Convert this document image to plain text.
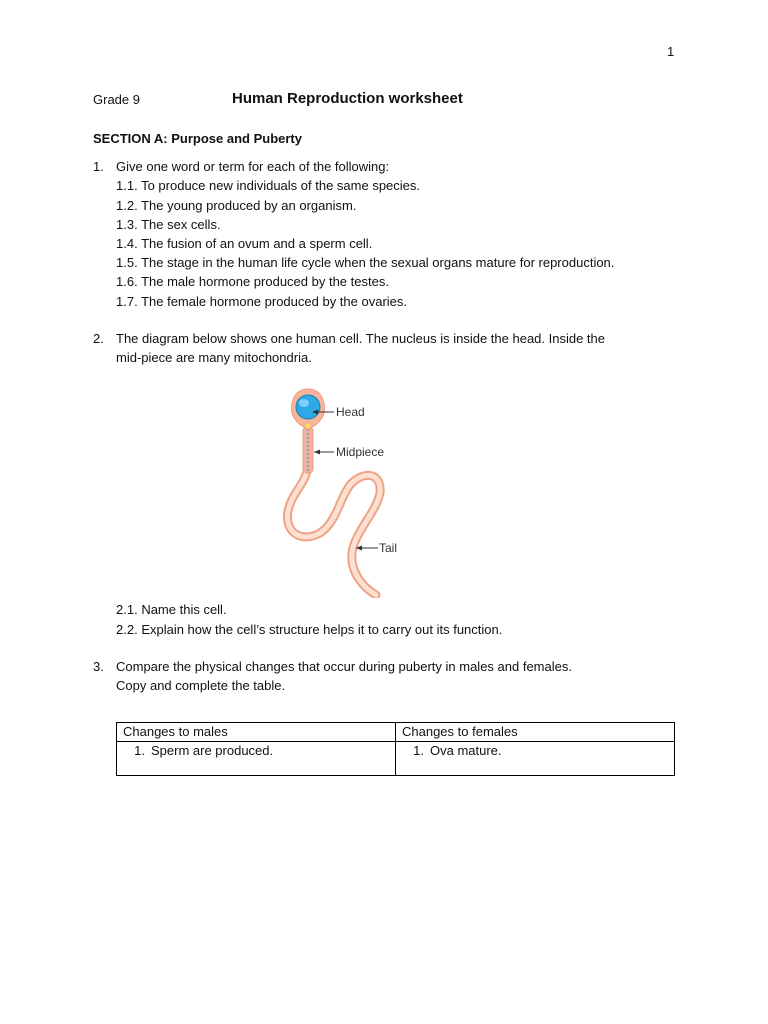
1
Grade 9	Human Reproduction worksheet
SECTION A: Purpose and Puberty
1. Give one word or term for each of the following:
1.1. To produce new individuals of the same species.
1.2. The young produced by an organism.
1.3. The sex cells.
1.4. The fusion of an ovum and a sperm cell.
1.5. The stage in the human life cycle when the sexual organs mature for reproduction.
1.6. The male hormone produced by the testes.
1.7. The female hormone produced by the ovaries.
2. The diagram below shows one human cell. The nucleus is inside the head. Inside the
mid-piece are many mitochondria.
Head
Midpiece
Tail
2.1. Name this cell.
2.2. Explain how the cell’s structure helps it to carry out its function.
3. Compare the physical changes that occur during puberty in males and females.
Copy and complete the table.
Changes to males	Changes to females
1. Sperm are produced.	1. Ova mature.
